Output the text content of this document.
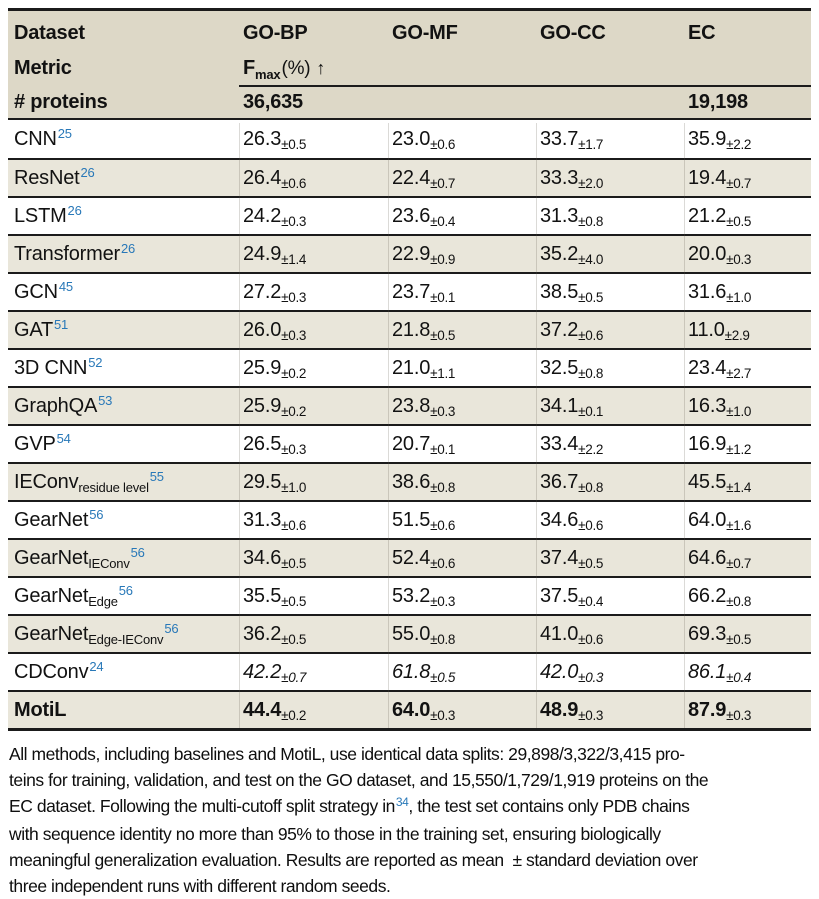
Dataset	GO-BP	GO-MF	GO-CC	EC
Metric	$F_{max}(\%)$ ↑
# proteins	36,635	19,198
CNN$^{25}$	$26.3_{\pm 0.5}$	$23.0_{\pm 0.6}$	$33.7_{\pm 1.7}$	$35.9_{\pm 2.2}$
ResNet$^{26}$	$26.4_{\pm 0.6}$	$22.4_{\pm 0.7}$	$33.3_{\pm 2.0}$	$19.4_{\pm 0.7}$
LSTM$^{26}$	$24.2_{\pm 0.3}$	$23.6_{\pm 0.4}$	$31.3_{\pm 0.8}$	$21.2_{\pm 0.5}$
Transformer$^{26}$	$24.9_{\pm 1.4}$	$22.9_{\pm 0.9}$	$35.2_{\pm 4.0}$	$20.0_{\pm 0.3}$
GCN$^{45}$	$27.2_{\pm 0.3}$	$23.7_{\pm 0.1}$	$38.5_{\pm 0.5}$	$31.6_{\pm 1.0}$
GAT$^{51}$	$26.0_{\pm 0.3}$	$21.8_{\pm 0.5}$	$37.2_{\pm 0.6}$	$11.0_{\pm 2.9}$
3D CNN$^{52}$	$25.9_{\pm 0.2}$	$21.0_{\pm 1.1}$	$32.5_{\pm 0.8}$	$23.4_{\pm 2.7}$
GraphQA$^{53}$	$25.9_{\pm 0.2}$	$23.8_{\pm 0.3}$	$34.1_{\pm 0.1}$	$16.3_{\pm 1.0}$
GVP$^{54}$	$26.5_{\pm 0.3}$	$20.7_{\pm 0.1}$	$33.4_{\pm 2.2}$	$16.9_{\pm 1.2}$
IEConv$_{residue level}^{55}$	$29.5_{\pm 1.0}$	$38.6_{\pm 0.8}$	$36.7_{\pm 0.8}$	$45.5_{\pm 1.4}$
GearNet$^{56}$	$31.3_{\pm 0.6}$	$51.5_{\pm 0.6}$	$34.6_{\pm 0.6}$	$64.0_{\pm 1.6}$
GearNet$_{IEConv}^{56}$	$34.6_{\pm 0.5}$	$52.4_{\pm 0.6}$	$37.4_{\pm 0.5}$	$64.6_{\pm 0.7}$
GearNet$_{Edge}^{56}$	$35.5_{\pm 0.5}$	$53.2_{\pm 0.3}$	$37.5_{\pm 0.4}$	$66.2_{\pm 0.8}$
GearNet$_{Edge-IEConv}^{56}$	$36.2_{\pm 0.5}$	$55.0_{\pm 0.8}$	$41.0_{\pm 0.6}$	$69.3_{\pm 0.5}$
CDConv$^{24}$	$42.2_{\pm 0.7}$	$61.8_{\pm 0.5}$	$42.0_{\pm 0.3}$	$86.1_{\pm 0.4}$
MotiL	$44.4_{\pm 0.2}$	$64.0_{\pm 0.3}$	$48.9_{\pm 0.3}$	$87.9_{\pm 0.3}$
All methods, including baselines and MotiL, use identical data splits: 29,898/3,322/3,415 pro-
teins for training, validation, and test on the GO dataset, and 15,550/1,729/1,919 proteins on the
EC dataset. Following the multi-cutoff split strategy in$^{34}$, the test set contains only PDB chains
with sequence identity no more than 95% to those in the training set, ensuring biologically
meaningful generalization evaluation. Results are reported as mean  ± standard deviation over
three independent runs with different random seeds.
